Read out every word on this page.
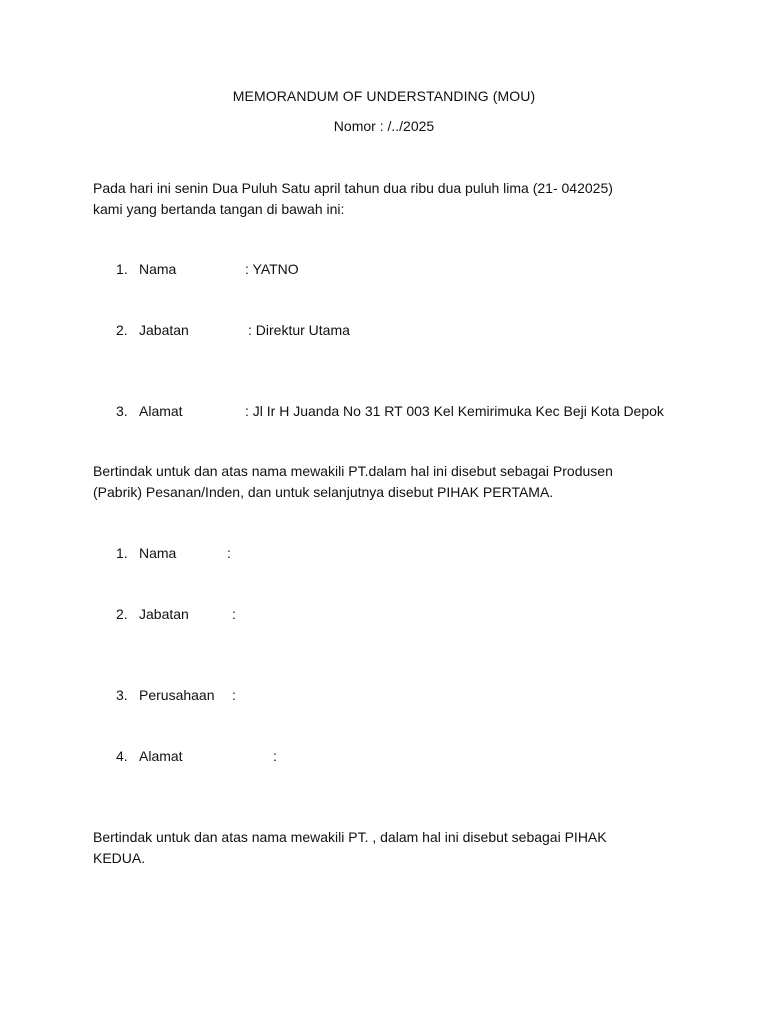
MEMORANDUM OF UNDERSTANDING (MOU)
Nomor : /../2025

Pada hari ini senin Dua Puluh Satu april tahun dua ribu dua puluh lima (21- 042025)

kami yang bertanda tangan di bawah ini:

1. Nama	: YATNO
2. Jabatan	: Direktur Utama
3. Alamat	: Jl Ir H Juanda No 31 RT 003 Kel Kemirimuka Kec Beji Kota Depok

Bertindak untuk dan atas nama mewakili PT.dalam hal ini disebut sebagai Produsen

(Pabrik) Pesanan/Inden, dan untuk selanjutnya disebut PIHAK PERTAMA.

1. Nama	:
2. Jabatan	:
3. Perusahaan :
4. Alamat	:

Bertindak untuk dan atas nama mewakili PT. , dalam hal ini disebut sebagai PIHAK

KEDUA.
